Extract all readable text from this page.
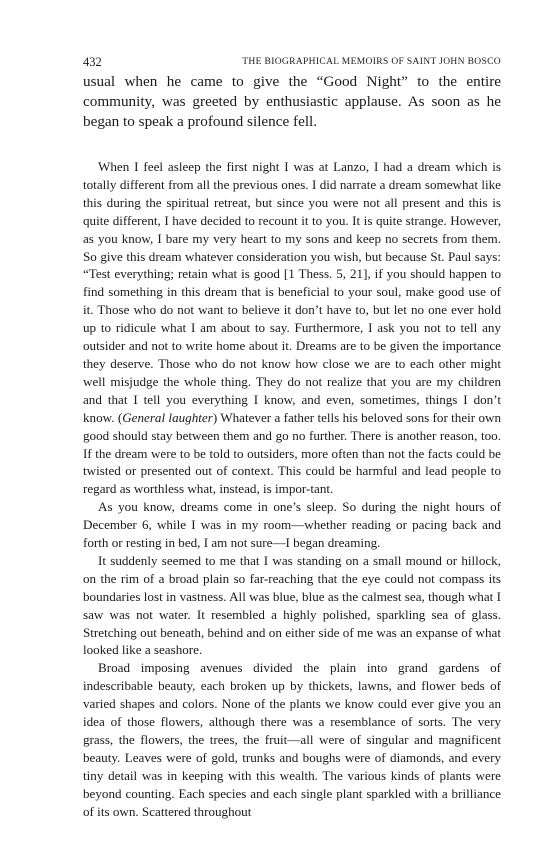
432	THE BIOGRAPHICAL MEMOIRS OF SAINT JOHN BOSCO

usual when he came to give the “Good Night” to the entire community, was greeted by enthusiastic applause. As soon as he began to speak a profound silence fell.

When I feel asleep the first night I was at Lanzo, I had a dream which is totally different from all the previous ones. I did narrate a dream somewhat like this during the spiritual retreat, but since you were not all present and this is quite different, I have decided to recount it to you. It is quite strange. However, as you know, I bare my very heart to my sons and keep no secrets from them. So give this dream whatever consideration you wish, but because St. Paul says: “Test everything; retain what is good [1 Thess. 5, 21], if you should happen to find something in this dream that is beneficial to your soul, make good use of it. Those who do not want to believe it don’t have to, but let no one ever hold up to ridicule what I am about to say. Furthermore, I ask you not to tell any outsider and not to write home about it. Dreams are to be given the importance they deserve. Those who do not know how close we are to each other might well misjudge the whole thing. They do not realize that you are my children and that I tell you everything I know, and even, sometimes, things I don’t know. (General laughter) Whatever a father tells his beloved sons for their own good should stay between them and go no further. There is another reason, too. If the dream were to be told to outsiders, more often than not the facts could be twisted or presented out of context. This could be harmful and lead people to regard as worthless what, instead, is impor-tant.

As you know, dreams come in one’s sleep. So during the night hours of December 6, while I was in my room—whether reading or pacing back and forth or resting in bed, I am not sure—I began dreaming.

It suddenly seemed to me that I was standing on a small mound or hillock, on the rim of a broad plain so far-reaching that the eye could not compass its boundaries lost in vastness. All was blue, blue as the calmest sea, though what I saw was not water. It resembled a highly polished, sparkling sea of glass. Stretching out beneath, behind and on either side of me was an expanse of what looked like a seashore.

Broad imposing avenues divided the plain into grand gardens of indescribable beauty, each broken up by thickets, lawns, and flower beds of varied shapes and colors. None of the plants we know could ever give you an idea of those flowers, although there was a resemblance of sorts. The very grass, the flowers, the trees, the fruit—all were of singular and magnificent beauty. Leaves were of gold, trunks and boughs were of diamonds, and every tiny detail was in keeping with this wealth. The various kinds of plants were beyond counting. Each species and each single plant sparkled with a brilliance of its own. Scattered throughout
